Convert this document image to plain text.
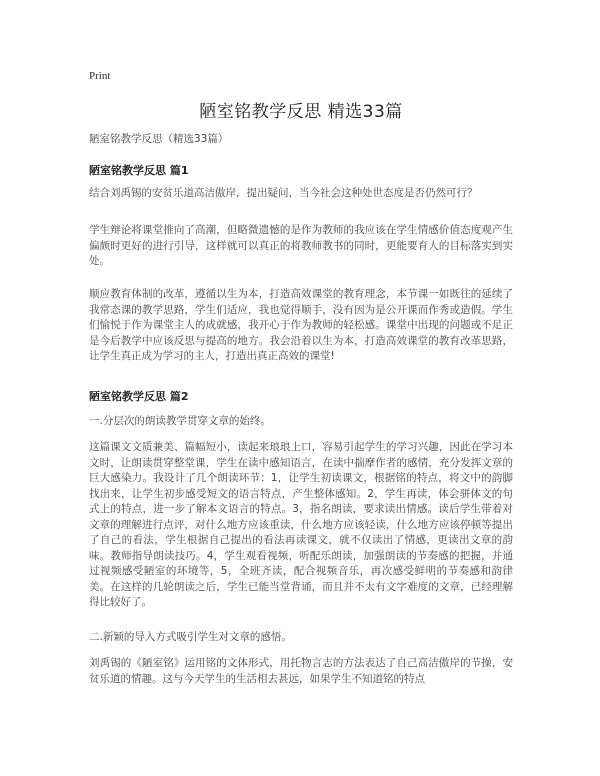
Print
陋室铭教学反思 精选33篇

陋室铭教学反思（精选33篇）

陋室铭教学反思 篇1

结合刘禹锡的安贫乐道高洁傲岸，提出疑问，当今社会这种处世态度是否仍然可行？

学生辩论将课堂推向了高潮，但略微遗憾的是作为教师的我应该在学生情感价值态度观产生偏颇时更好的进行引导，这样就可以真正的将教师教书的同时，更能要育人的目标落实到实处。

顺应教育体制的改革，遵循以生为本，打造高效课堂的教育理念，本节课一如既往的延续了我常态课的教学思路，学生们适应，我也觉得顺手，没有因为是公开课而作秀或造假。学生们愉悦于作为课堂主人的成就感，我开心于作为教师的轻松感。课堂中出现的问题或不足正是今后教学中应该反思与提高的地方。我会沿着以生为本，打造高效课堂的教育改革思路，让学生真正成为学习的主人，打造出真正高效的课堂!

陋室铭教学反思 篇2

一.分层次的朗读教学贯穿文章的始终。

这篇课文文质兼美、篇幅短小，读起来琅琅上口，容易引起学生的学习兴趣，因此在学习本文时，让朗读贯穿整堂课，学生在读中感知语言，在读中揣摩作者的感情，充分发挥文章的巨大感染力。我设计了几个朗读环节：1，让学生初读课文，根据铭的特点，将文中的韵脚找出来，让学生初步感受短文的语言特点，产生整体感知。2，学生再读，体会骈体文的句式上的特点，进一步了解本文语言的特点。3，指名朗读，要求读出情感。读后学生带着对文章的理解进行点评，对什么地方应该重读，什么地方应该轻读，什么地方应该停顿等提出了自己的看法，学生根据自己提出的看法再读课文，就不仅读出了情感，更读出文章的韵味。教师指导朗读技巧。4，学生观看视频，听配乐朗读，加强朗读的节奏感的把握，并通过视频感受陋室的环境等，5，全班齐读，配合视频音乐，再次感受鲜明的节奏感和韵律美。在这样的几轮朗读之后，学生已能当堂背诵，而且并不太有文字难度的文章，已经理解得比较好了。

二.新颖的导入方式吸引学生对文章的感悟。

刘禹锡的《陋室铭》运用铭的文体形式，用托物言志的方法表达了自己高洁傲岸的节操，安贫乐道的情趣。这与今天学生的生活相去甚远，如果学生不知道铭的特点
